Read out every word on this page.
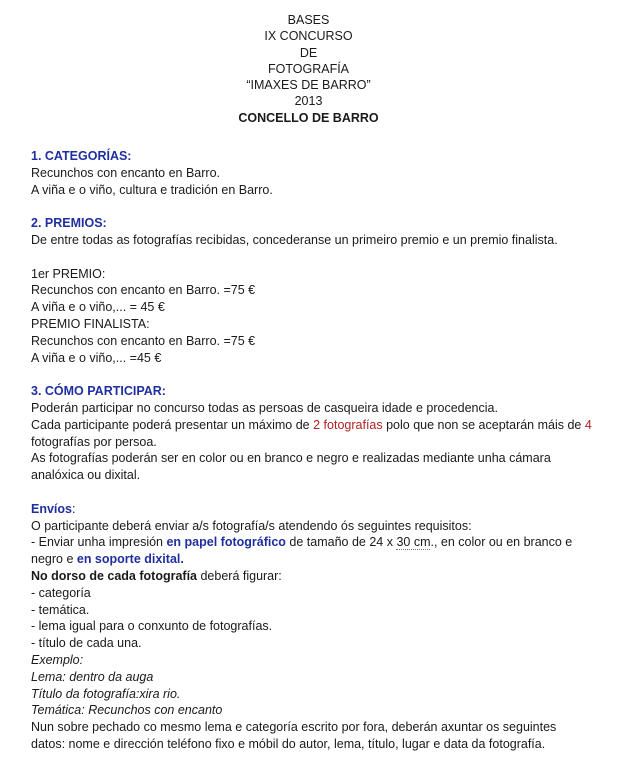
BASES
IX CONCURSO
DE
FOTOGRAFÍA
“IMAXES DE BARRO”
2013
CONCELLO DE BARRO
1. CATEGORÍAS:
Recunchos con encanto en Barro.
A viña e o viño, cultura e tradición en Barro.
2. PREMIOS:
De entre todas as fotografías recibidas, concederanse un primeiro premio e un premio finalista.
1er PREMIO:
Recunchos con encanto en Barro. =75 €
A viña e o viño,... = 45 €
PREMIO FINALISTA:
Recunchos con encanto en Barro. =75 €
A viña e o viño,... =45 €
3. CÓMO PARTICIPAR:
Poderán participar no concurso todas as persoas de casqueira idade e procedencia.
Cada participante poderá presentar un máximo de 2 fotografías polo que non se aceptarán máis de 4
fotografías por persoa.
As fotografías poderán ser en color ou en branco e negro e realizadas mediante unha cámara
analóxica ou dixital.
Envíos:
O participante deberá enviar a/s fotografía/s atendendo ós seguintes requisitos:
- Enviar unha impresión en papel fotográfico de tamaño de 24 x 30 cm., en color ou en branco e
negro e en soporte dixital.
No dorso de cada fotografía deberá figurar:
- categoría
- temática.
- lema igual para o conxunto de fotografías.
- título de cada una.
Exemplo:
Lema: dentro da auga
Título da fotografía:xira rio.
Temática: Recunchos con encanto
Nun sobre pechado co mesmo lema e categoría escrito por fora, deberán axuntar os seguintes
datos: nome e dirección teléfono fixo e móbil do autor, lema, título, lugar e data da fotografía.
